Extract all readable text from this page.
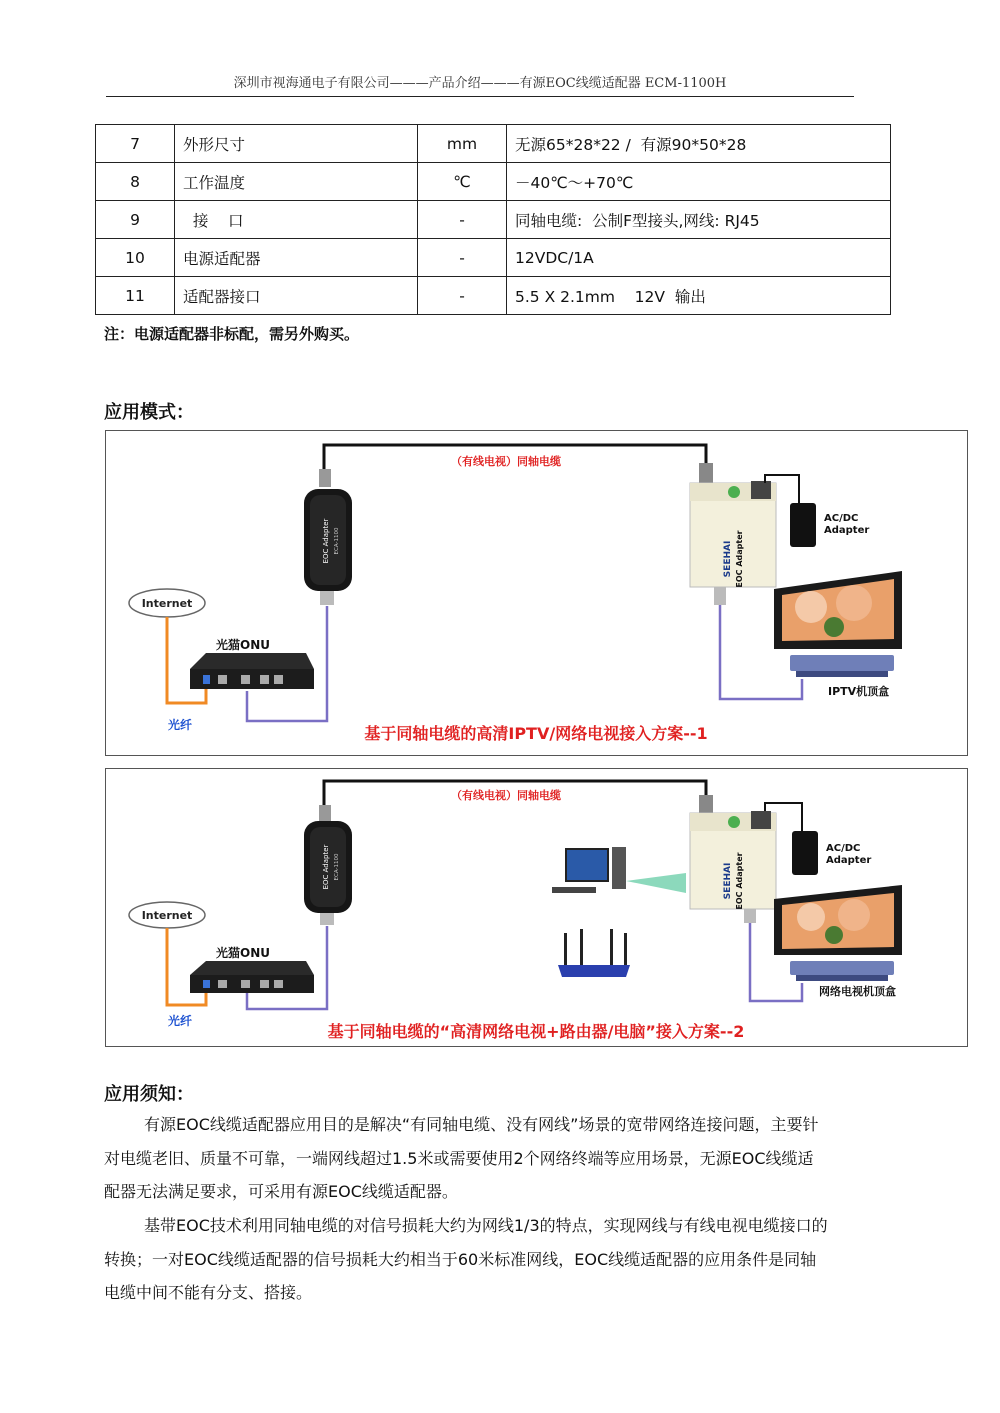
深圳市视海通电子有限公司———产品介绍———有源EOC线缆适配器 ECM-1100H
7	外形尺寸	mm	无源65*28*22 /  有源90*50*28
8	工作温度	℃	－40℃～+70℃
9	接    口	-	同轴电缆:  公制F型接头,网线: RJ45
10	电源适配器	-	12VDC/1A
11	适配器接口	-	5.5 X 2.1mm    12V  输出
注：电源适配器非标配，需另外购买。
应用模式：
（有线电视）同轴电缆
EOC Adapter ECA-1100
Internet
光纤
光猫ONU
SEEHAI EOC Adapter
AC/DC
Adapter
IPTV机顶盒
基于同轴电缆的高清IPTV/网络电视接入方案--1
（有线电视）同轴电缆
EOC Adapter ECA-1100
Internet
光纤
光猫ONU
SEEHAI EOC Adapter
AC/DC
Adapter
网络电视机顶盒
基于同轴电缆的“高清网络电视+路由器/电脑”接入方案--2
应用须知：
有源EOC线缆适配器应用目的是解决“有同轴电缆、没有网线”场景的宽带网络连接问题，主要针
对电缆老旧、质量不可靠，一端网线超过1.5米或需要使用2个网络终端等应用场景，无源EOC线缆适
配器无法满足要求，可采用有源EOC线缆适配器。
基带EOC技术利用同轴电缆的对信号损耗大约为网线1/3的特点，实现网线与有线电视电缆接口的
转换；一对EOC线缆适配器的信号损耗大约相当于60米标准网线，EOC线缆适配器的应用条件是同轴
电缆中间不能有分支、搭接。
